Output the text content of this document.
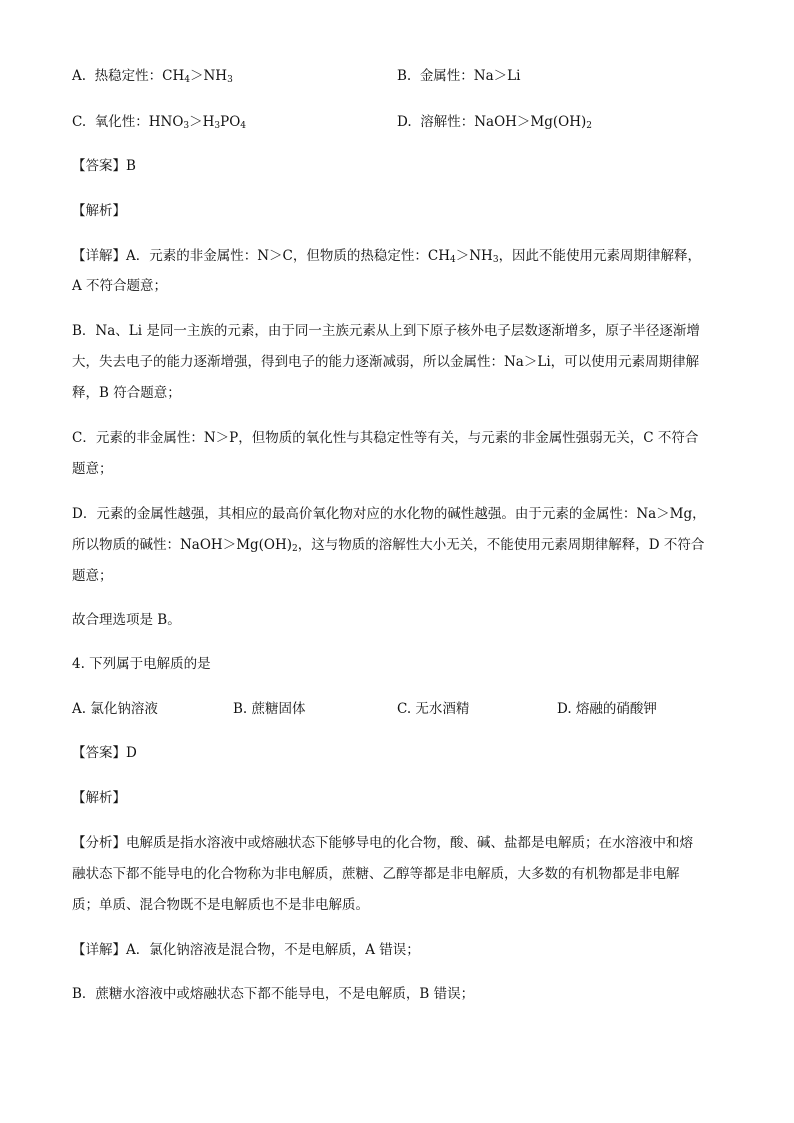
A. 热稳定性：$CH_4>NH_3$	B. 金属性：Na＞Li
C. 氧化性：$HNO_3>H_3PO_4$	D. 溶解性：$NaOH>Mg(OH)_2$
【答案】B
【解析】
【详解】A．元素的非金属性：N＞C，但物质的热稳定性：$CH_4>NH_3$，因此不能使用元素周期律解释，
A 不符合题意；
B．Na、Li 是同一主族的元素，由于同一主族元素从上到下原子核外电子层数逐渐增多，原子半径逐渐增
大，失去电子的能力逐渐增强，得到电子的能力逐渐减弱，所以金属性：Na＞Li，可以使用元素周期律解
释，B 符合题意；
C．元素的非金属性：N＞P，但物质的氧化性与其稳定性等有关，与元素的非金属性强弱无关，C 不符合
题意；
D．元素的金属性越强，其相应的最高价氧化物对应的水化物的碱性越强。由于元素的金属性：Na＞Mg，
所以物质的碱性：$NaOH>Mg(OH)_2$，这与物质的溶解性大小无关，不能使用元素周期律解释，D 不符合
题意；
故合理选项是 B。
4. 下列属于电解质的是
A. 氯化钠溶液	B. 蔗糖固体	C. 无水酒精	D. 熔融的硝酸钾
【答案】D
【解析】
【分析】电解质是指水溶液中或熔融状态下能够导电的化合物，酸、碱、盐都是电解质；在水溶液中和熔
融状态下都不能导电的化合物称为非电解质，蔗糖、乙醇等都是非电解质，大多数的有机物都是非电解
质；单质、混合物既不是电解质也不是非电解质。
【详解】A．氯化钠溶液是混合物，不是电解质，A 错误；
B．蔗糖水溶液中或熔融状态下都不能导电，不是电解质，B 错误；
